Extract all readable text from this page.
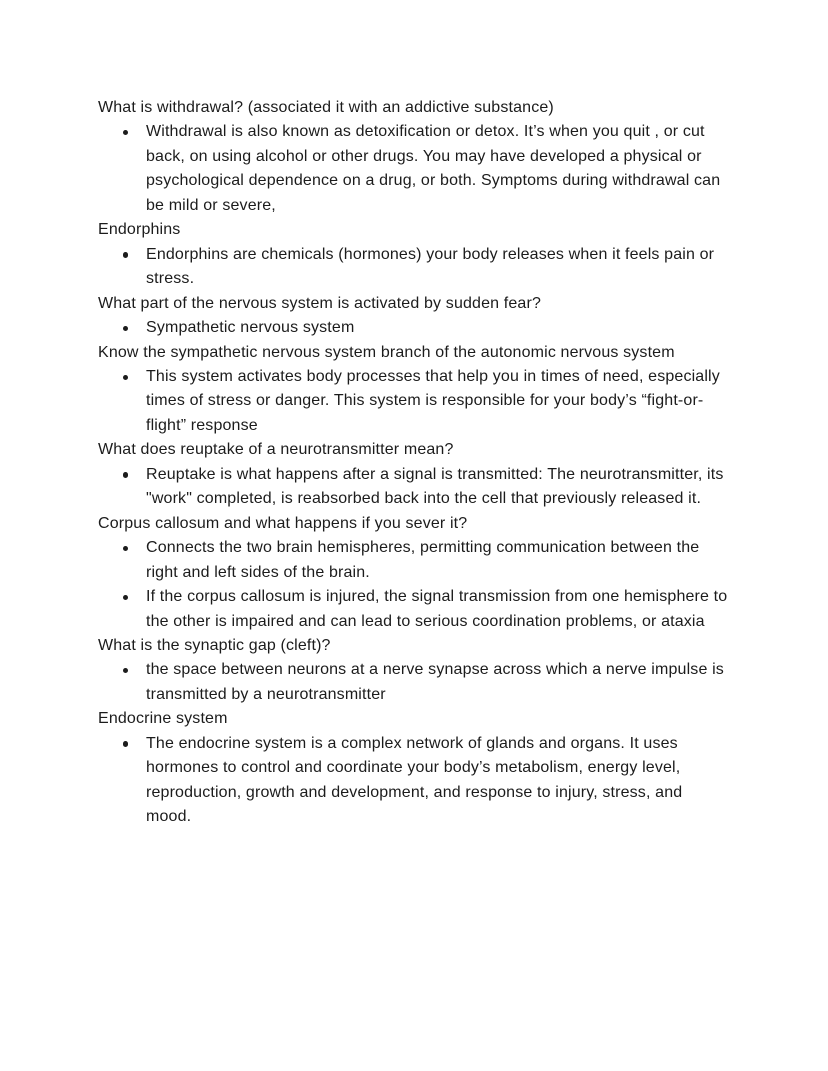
What is withdrawal? (associated it with an addictive substance)
Withdrawal is also known as detoxification or detox. It’s when you quit , or cut back, on using alcohol or other drugs. You may have developed a physical or psychological dependence on a drug, or both. Symptoms during withdrawal can be mild or severe,
Endorphins
Endorphins are chemicals (hormones) your body releases when it feels pain or stress.
What part of the nervous system is activated by sudden fear?
Sympathetic nervous system
Know the sympathetic nervous system branch of the autonomic nervous system
This system activates body processes that help you in times of need, especially times of stress or danger. This system is responsible for your body’s “fight-or-flight” response
What does reuptake of a neurotransmitter mean?
Reuptake is what happens after a signal is transmitted: The neurotransmitter, its "work" completed, is reabsorbed back into the cell that previously released it.
Corpus callosum and what happens if you sever it?
Connects the two brain hemispheres, permitting communication between the right and left sides of the brain.
If the corpus callosum is injured, the signal transmission from one hemisphere to the other is impaired and can lead to serious coordination problems, or ataxia
What is the synaptic gap (cleft)?
the space between neurons at a nerve synapse across which a nerve impulse is transmitted by a neurotransmitter
Endocrine system
The endocrine system is a complex network of glands and organs. It uses hormones to control and coordinate your body’s metabolism, energy level, reproduction, growth and development, and response to injury, stress, and mood.
